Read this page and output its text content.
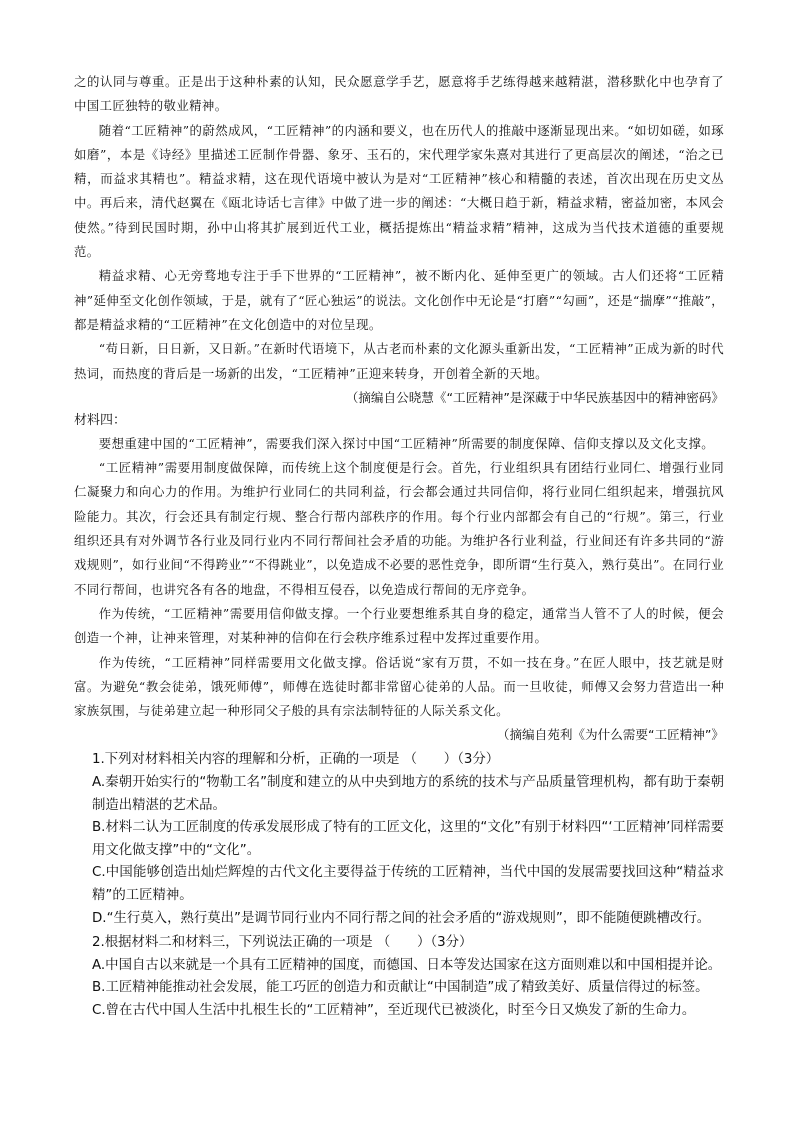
之的认同与尊重。正是出于这种朴素的认知，民众愿意学手艺，愿意将手艺练得越来越精湛，潜移默化中也孕育了中国工匠独特的敬业精神。

随着“工匠精神”的蔚然成风，“工匠精神”的内涵和要义，也在历代人的推敲中逐渐显现出来。“如切如磋，如琢如磨”，本是《诗经》里描述工匠制作骨器、象牙、玉石的，宋代理学家朱熹对其进行了更高层次的阐述，“治之已精，而益求其精也”。精益求精，这在现代语境中被认为是对“工匠精神”核心和精髓的表述，首次出现在历史文丛中。再后来，清代赵翼在《瓯北诗话七言律》中做了进一步的阐述：“大概日趋于新，精益求精，密益加密，本风会使然。”待到民国时期，孙中山将其扩展到近代工业，概括提炼出“精益求精”精神，这成为当代技术道德的重要规范。

精益求精、心无旁骛地专注于手下世界的“工匠精神”，被不断内化、延伸至更广的领域。古人们还将“工匠精神”延伸至文化创作领域，于是，就有了“匠心独运”的说法。文化创作中无论是“打磨”“勾画”，还是“揣摩”“推敲”，都是精益求精的“工匠精神”在文化创造中的对位呈现。

“苟日新，日日新，又日新。”在新时代语境下，从古老而朴素的文化源头重新出发，“工匠精神”正成为新的时代热词，而热度的背后是一场新的出发，“工匠精神”正迎来转身，开创着全新的天地。

（摘编自公晓慧《“工匠精神”是深藏于中华民族基因中的精神密码》

材料四：

要想重建中国的“工匠精神”，需要我们深入探讨中国“工匠精神”所需要的制度保障、信仰支撑以及文化支撑。

“工匠精神”需要用制度做保障，而传统上这个制度便是行会。首先，行业组织具有团结行业同仁、增强行业同仁凝聚力和向心力的作用。为维护行业同仁的共同利益，行会都会通过共同信仰，将行业同仁组织起来，增强抗风险能力。其次，行会还具有制定行规、整合行帮内部秩序的作用。每个行业内部都会有自己的“行规”。第三，行业组织还具有对外调节各行业及同行业内不同行帮间社会矛盾的功能。为维护各行业利益，行业间还有许多共同的“游戏规则”，如行业间“不得跨业”“不得跳业”，以免造成不必要的恶性竞争，即所谓“生行莫入，熟行莫出”。在同行业不同行帮间，也讲究各有各的地盘，不得相互侵吞，以免造成行帮间的无序竞争。

作为传统，“工匠精神”需要用信仰做支撑。一个行业要想维系其自身的稳定，通常当人管不了人的时候，便会创造一个神，让神来管理，对某种神的信仰在行会秩序维系过程中发挥过重要作用。

作为传统，“工匠精神”同样需要用文化做支撑。俗话说“家有万贯，不如一技在身。”在匠人眼中，技艺就是财富。为避免“教会徒弟，饿死师傅”，师傅在选徒时都非常留心徒弟的人品。而一旦收徒，师傅又会努力营造出一种家族氛围，与徒弟建立起一种形同父子般的具有宗法制特征的人际关系文化。

（摘编自苑利《为什么需要“工匠精神”》

1.下列对材料相关内容的理解和分析，正确的一项是 （　　）（3分）

A.秦朝开始实行的“物勒工名”制度和建立的从中央到地方的系统的技术与产品质量管理机构，都有助于秦朝制造出精湛的艺术品。

B.材料二认为工匠制度的传承发展形成了特有的工匠文化，这里的“文化”有别于材料四“‘工匠精神’同样需要用文化做支撑”中的“文化”。

C.中国能够创造出灿烂辉煌的古代文化主要得益于传统的工匠精神，当代中国的发展需要找回这种“精益求精”的工匠精神。

D.“生行莫入，熟行莫出”是调节同行业内不同行帮之间的社会矛盾的“游戏规则”，即不能随便跳槽改行。

2.根据材料二和材料三，下列说法正确的一项是 （　　）（3分）

A.中国自古以来就是一个具有工匠精神的国度，而德国、日本等发达国家在这方面则难以和中国相提并论。

B.工匠精神能推动社会发展，能工巧匠的创造力和贡献让“中国制造”成了精致美好、质量信得过的标签。

C.曾在古代中国人生活中扎根生长的“工匠精神”，至近现代已被淡化，时至今日又焕发了新的生命力。
